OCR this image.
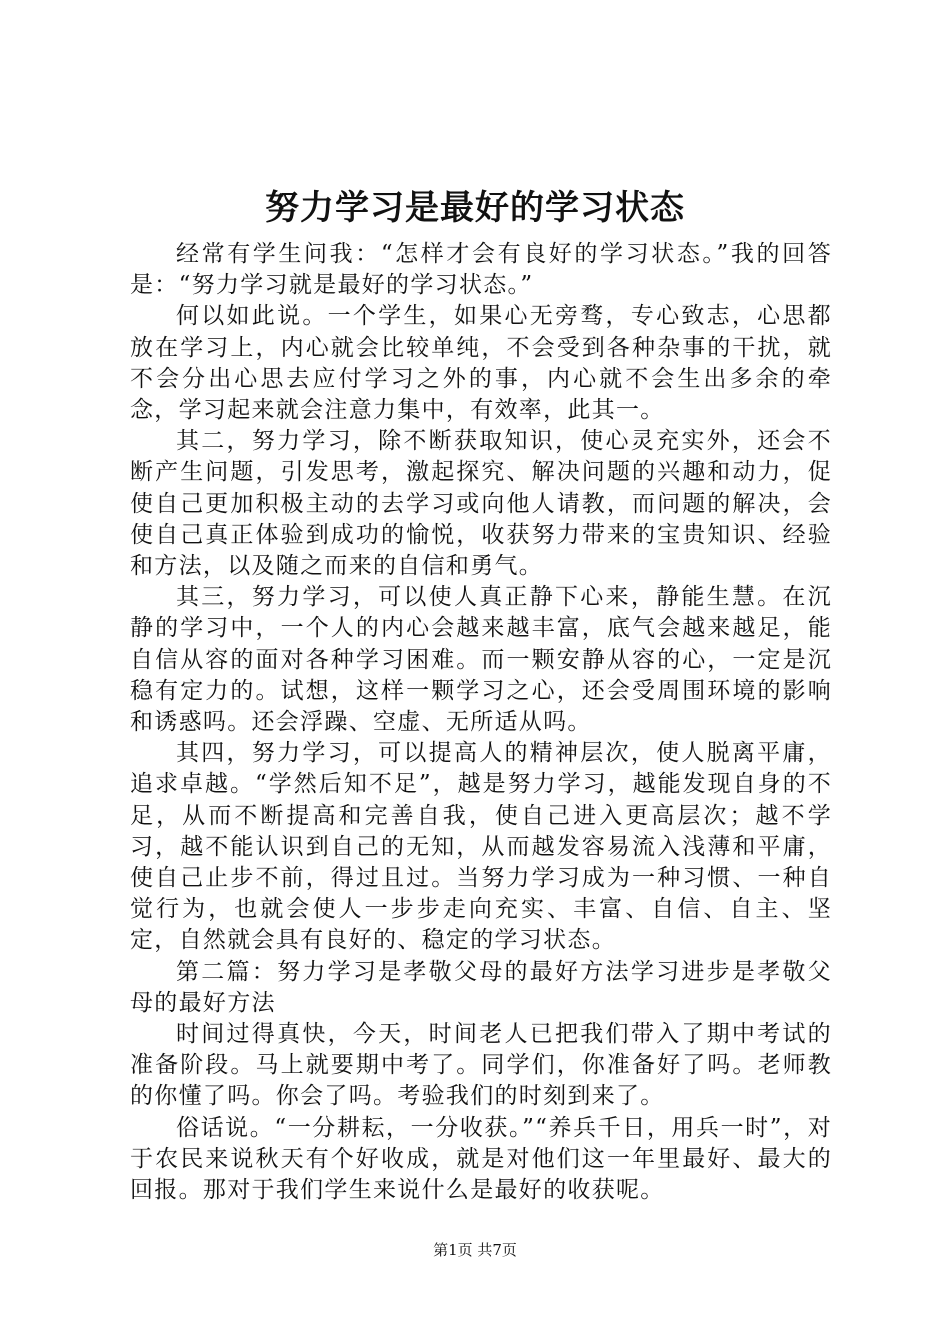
努力学习是最好的学习状态

经常有学生问我：“怎样才会有良好的学习状态。”我的回答是：“努力学习就是最好的学习状态。”

何以如此说。一个学生，如果心无旁骛，专心致志，心思都放在学习上，内心就会比较单纯，不会受到各种杂事的干扰，就不会分出心思去应付学习之外的事，内心就不会生出多余的牵念，学习起来就会注意力集中，有效率，此其一。

其二，努力学习，除不断获取知识，使心灵充实外，还会不断产生问题，引发思考，激起探究、解决问题的兴趣和动力，促使自己更加积极主动的去学习或向他人请教，而问题的解决，会使自己真正体验到成功的愉悦，收获努力带来的宝贵知识、经验和方法，以及随之而来的自信和勇气。

其三，努力学习，可以使人真正静下心来，静能生慧。在沉静的学习中，一个人的内心会越来越丰富，底气会越来越足，能自信从容的面对各种学习困难。而一颗安静从容的心，一定是沉稳有定力的。试想，这样一颗学习之心，还会受周围环境的影响和诱惑吗。还会浮躁、空虚、无所适从吗。

其四，努力学习，可以提高人的精神层次，使人脱离平庸，追求卓越。“学然后知不足”，越是努力学习，越能发现自身的不足，从而不断提高和完善自我，使自己进入更高层次；越不学习，越不能认识到自己的无知，从而越发容易流入浅薄和平庸，使自己止步不前，得过且过。当努力学习成为一种习惯、一种自觉行为，也就会使人一步步走向充实、丰富、自信、自主、坚定，自然就会具有良好的、稳定的学习状态。

第二篇：努力学习是孝敬父母的最好方法学习进步是孝敬父母的最好方法

时间过得真快，今天，时间老人已把我们带入了期中考试的准备阶段。马上就要期中考了。同学们，你准备好了吗。老师教的你懂了吗。你会了吗。考验我们的时刻到来了。

俗话说。“一分耕耘，一分收获。”“养兵千日，用兵一时”，对于农民来说秋天有个好收成，就是对他们这一年里最好、最大的回报。那对于我们学生来说什么是最好的收获呢。

第1页 共7页
